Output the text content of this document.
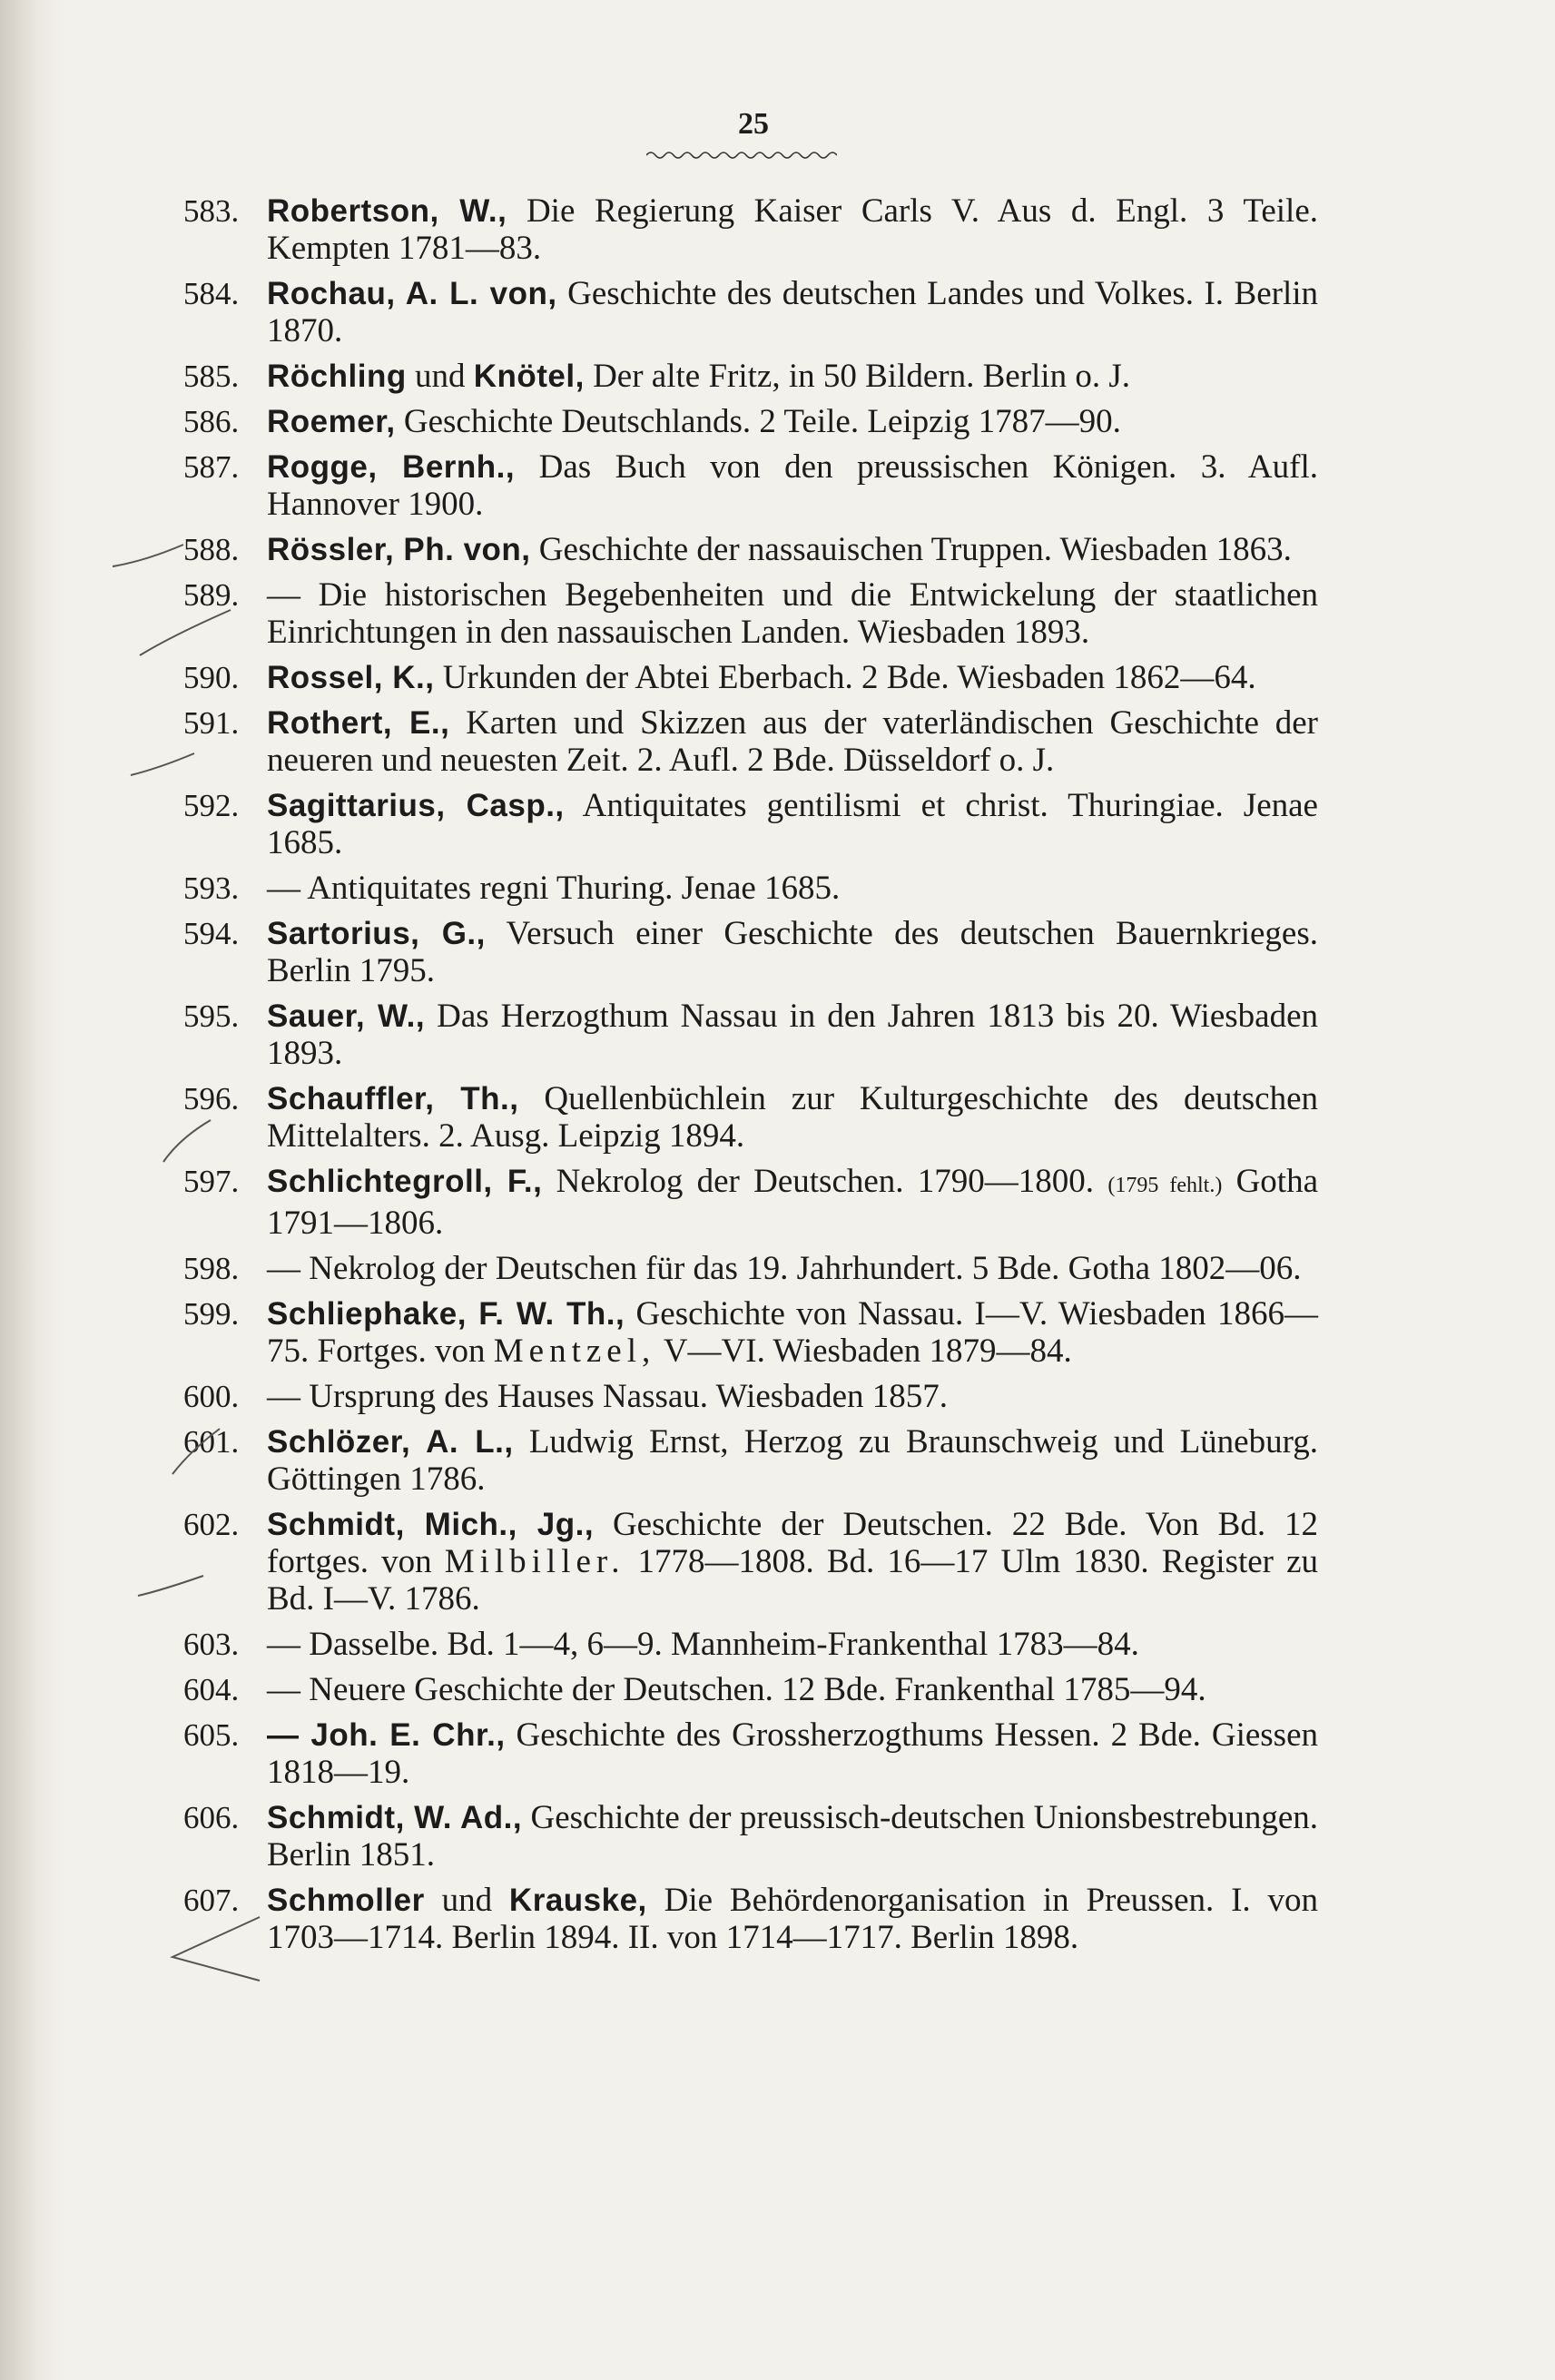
25
583. Robertson, W., Die Regierung Kaiser Carls V. Aus d. Engl. 3 Teile. Kempten 1781—83.
584. Rochau, A. L. von, Geschichte des deutschen Landes und Volkes. I. Berlin 1870.
585. Röchling und Knötel, Der alte Fritz, in 50 Bildern. Berlin o. J.
586. Roemer, Geschichte Deutschlands. 2 Teile. Leipzig 1787—90.
587. Rogge, Bernh., Das Buch von den preussischen Königen. 3. Aufl. Hannover 1900.
588. Rössler, Ph. von, Geschichte der nassauischen Truppen. Wiesbaden 1863.
589. — Die historischen Begebenheiten und die Entwickelung der staatlichen Einrichtungen in den nassauischen Landen. Wiesbaden 1893.
590. Rossel, K., Urkunden der Abtei Eberbach. 2 Bde. Wiesbaden 1862—64.
591. Rothert, E., Karten und Skizzen aus der vaterländischen Geschichte der neueren und neuesten Zeit. 2. Aufl. 2 Bde. Düsseldorf o. J.
592. Sagittarius, Casp., Antiquitates gentilismi et christ. Thuringiae. Jenae 1685.
593. — Antiquitates regni Thuring. Jenae 1685.
594. Sartorius, G., Versuch einer Geschichte des deutschen Bauernkrieges. Berlin 1795.
595. Sauer, W., Das Herzogthum Nassau in den Jahren 1813 bis 20. Wiesbaden 1893.
596. Schauffler, Th., Quellenbüchlein zur Kulturgeschichte des deutschen Mittelalters. 2. Ausg. Leipzig 1894.
597. Schlichtegroll, F., Nekrolog der Deutschen. 1790—1800. (1795 fehlt.) Gotha 1791—1806.
598. — Nekrolog der Deutschen für das 19. Jahrhundert. 5 Bde. Gotha 1802—06.
599. Schliephake, F. W. Th., Geschichte von Nassau. I—V. Wiesbaden 1866—75. Fortges. von Mentzel, V—VI. Wiesbaden 1879—84.
600. — Ursprung des Hauses Nassau. Wiesbaden 1857.
601. Schlözer, A. L., Ludwig Ernst, Herzog zu Braunschweig und Lüneburg. Göttingen 1786.
602. Schmidt, Mich., Jg., Geschichte der Deutschen. 22 Bde. Von Bd. 12 fortges. von Milbiller. 1778—1808. Bd. 16—17 Ulm 1830. Register zu Bd. I—V. 1786.
603. — Dasselbe. Bd. 1—4, 6—9. Mannheim-Frankenthal 1783—84.
604. — Neuere Geschichte der Deutschen. 12 Bde. Frankenthal 1785—94.
605. — Joh. E. Chr., Geschichte des Grossherzogthums Hessen. 2 Bde. Giessen 1818—19.
606. Schmidt, W. Ad., Geschichte der preussisch-deutschen Unionsbestrebungen. Berlin 1851.
607. Schmoller und Krauske, Die Behördenorganisation in Preussen. I. von 1703—1714. Berlin 1894. II. von 1714—1717. Berlin 1898.
